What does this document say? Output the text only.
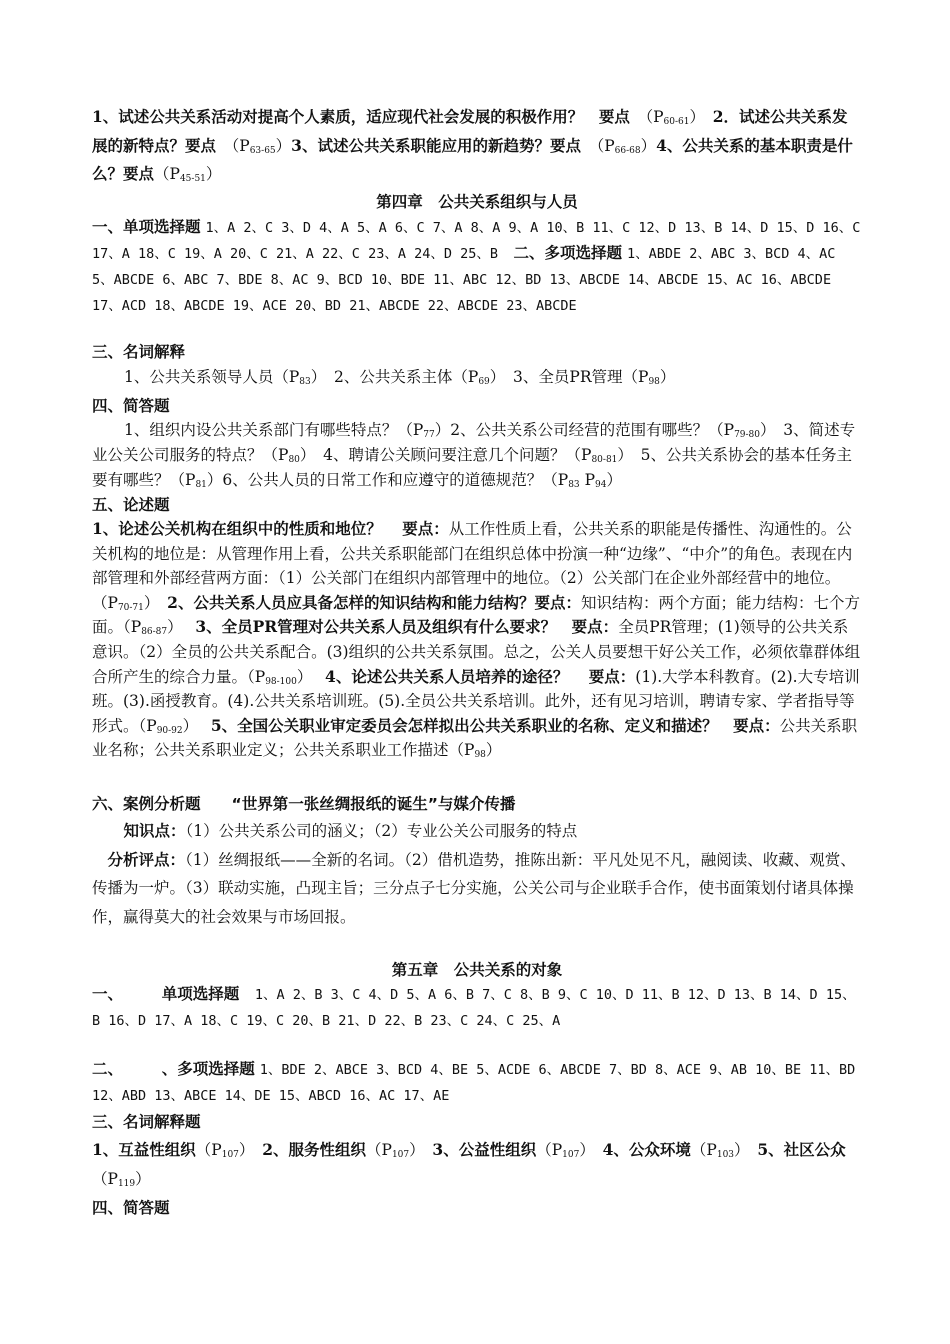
1、试述公共关系活动对提高个人素质，适应现代社会发展的积极作用？　 要点　$(P_{60-61})$　2．试述公共关系发展的新特点？要点　$(P_{63-65})3$、试述公共关系职能应用的新趋势？要点　$(P_{66-68})4$、公共关系的基本职责是什么？要点$(P_{45-51})$

第四章　公共关系组织与人员

一、单项选择题 1、A 2、C 3、D 4、A 5、A 6、C 7、A 8、A 9、A 10、B 11、C 12、D 13、B 14、D 15、D 16、C 17、A 18、C 19、A 20、C 21、A 22、C 23、A 24、D 25、B　 二、多项选择题 1、ABDE 2、ABC 3、BCD 4、AC 5、ABCDE 6、ABC 7、BDE 8、AC 9、BCD 10、BDE 11、ABC 12、BD 13、ABCDE 14、ABCDE 15、AC 16、ABCDE 17、ACD 18、ABCDE 19、ACE 20、BD 21、ABCDE 22、ABCDE 23、ABCDE

三、名词解释

1、公共关系领导人员$(P_{83})$　2、公共关系主体$(P_{69})$　3、全员PR管理$(P_{98})$

四、简答题

1、组织内设公共关系部门有哪些特点？$(P_{77})2$、公共关系公司经营的范围有哪些？$(P_{79-80})$　3、简述专业公关公司服务的特点？$(P_{80})$　4、聘请公关顾问要注意几个问题？$(P_{80-81})$　5、公共关系协会的基本任务主要有哪些？$(P_{81})6$、公共人员的日常工作和应遵守的道德规范？（$P_{83}$ $P_{94}$）

五、论述题

1、论述公关机构在组织中的性质和地位？　 要点：从工作性质上看，公共关系的职能是传播性、沟通性的。公关机构的地位是：从管理作用上看，公共关系职能部门在组织总体中扮演一种“边缘”、“中介”的角色。表现在内部管理和外部经营两方面：（1）公关部门在组织内部管理中的地位。（2）公关部门在企业外部经营中的地位。$(P_{70-71})$　2、公共关系人员应具备怎样的知识结构和能力结构？要点：知识结构：两个方面；能力结构：七个方面。$(P_{86-87})$　 3、全员PR管理对公共关系人员及组织有什么要求？　 要点：全员PR管理；(1)领导的公共关系意识。（2）全员的公共关系配合。(3)组织的公共关系氛围。总之，公关人员要想干好公关工作，必须依靠群体组合所产生的综合力量。$(P_{98-100})$　 4、论述公共关系人员培养的途径？　 要点：(1).大学本科教育。(2).大专培训班。(3).函授教育。(4).公共关系培训班。(5).全员公共关系培训。此外，还有见习培训，聘请专家、学者指导等形式。$(P_{90-92})$　 5、全国公关职业审定委员会怎样拟出公共关系职业的名称、定义和描述？　 要点：公共关系职业名称；公共关系职业定义；公共关系职业工作描述$(P_{98})$

六、案例分析题　　 “世界第一张丝绸报纸的诞生”与媒介传播

　知识点：（1）公共关系公司的涵义；（2）专业公关公司服务的特点
　分析评点：（1）丝绸报纸——全新的名词。（2）借机造势，推陈出新：平凡处见不凡，融阅读、收藏、观赏、传播为一炉。（3）联动实施，凸现主旨；三分点子七分实施，公关公司与企业联手合作，使书面策划付诸具体操作，赢得莫大的社会效果与市场回报。

第五章　公共关系的对象

一、　　　	单项选择题　 1、A 2、B 3、C 4、D 5、A 6、B 7、C 8、B 9、C 10、D 11、B 12、D 13、B 14、D 15、B 16、D 17、A 18、C 19、C 20、B 21、D 22、B 23、C 24、C 25、A

二、　　　	、多项选择题 1、BDE 2、ABCE 3、BCD 4、BE 5、ACDE 6、ABCDE 7、BD 8、ACE 9、AB 10、BE 11、BD 12、ABD 13、ABCE 14、DE 15、ABCD 16、AC 17、AE

三、名词解释题

1、互益性组织$(P_{107})$　 2、服务性组织$(P_{107})$　 3、公益性组织$(P_{107})$　 4、公众环境$(P_{103})$　 5、社区公众$(P_{119})$

四、简答题
